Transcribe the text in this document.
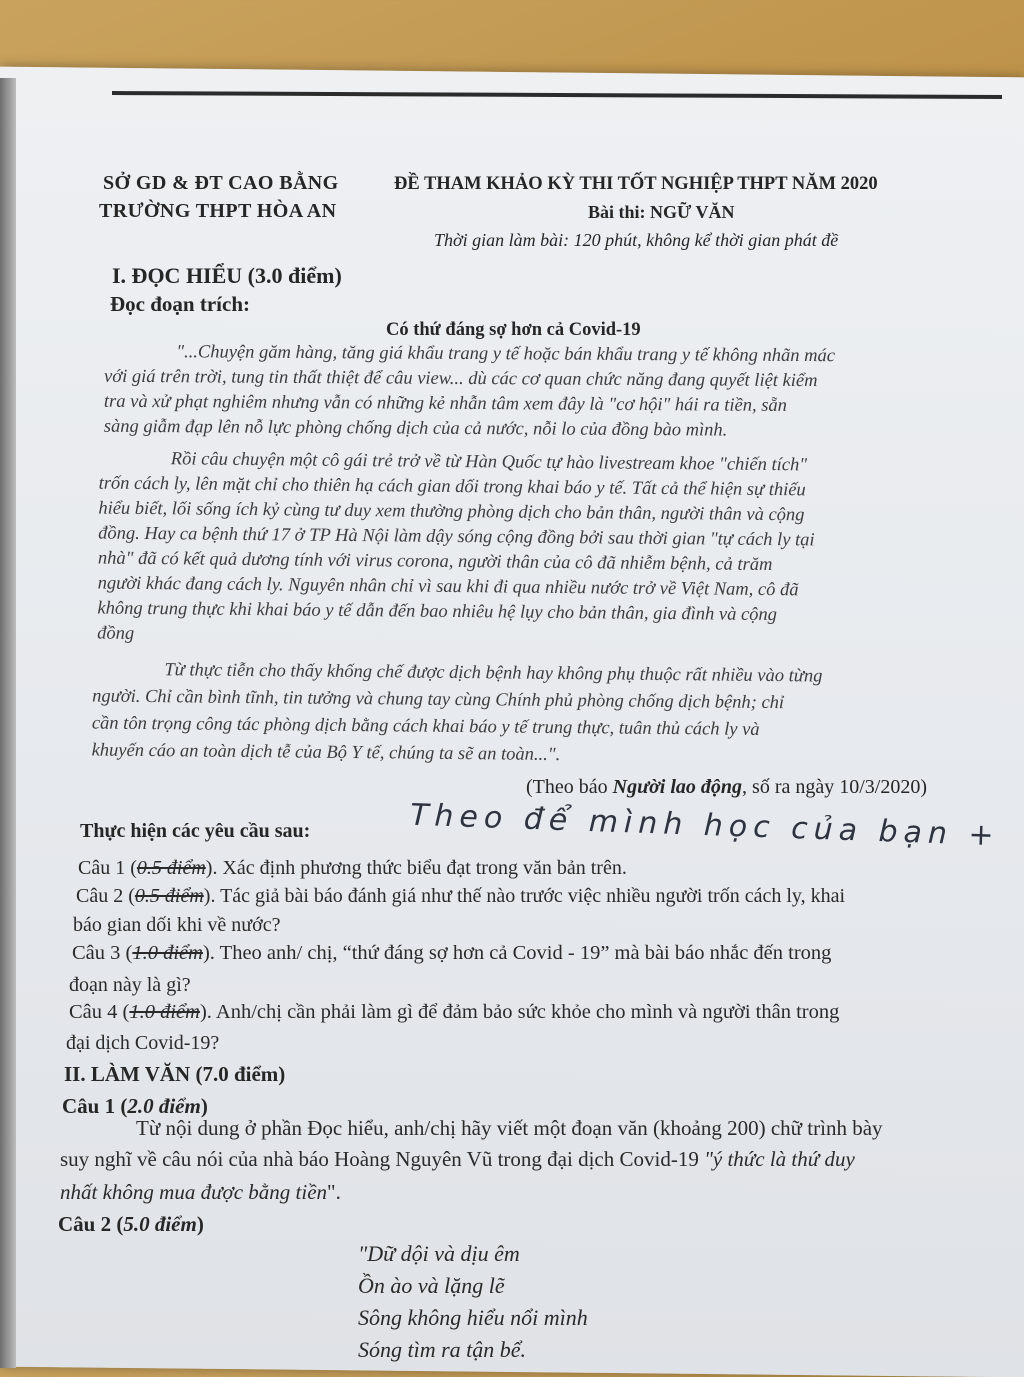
SỞ GD & ĐT CAO BẰNG
TRƯỜNG THPT HÒA AN
ĐỀ THAM KHẢO KỲ THI TỐT NGHIỆP THPT NĂM 2020
Bài thi: NGỮ VĂN
Thời gian làm bài: 120 phút, không kể thời gian phát đề
I. ĐỌC HIỂU (3.0 điểm)
Đọc đoạn trích:
Có thứ đáng sợ hơn cả Covid-19
"...Chuyện găm hàng, tăng giá khẩu trang y tế hoặc bán khẩu trang y tế không nhãn mác
với giá trên trời, tung tin thất thiệt để câu view... dù các cơ quan chức năng đang quyết liệt kiểm
tra và xử phạt nghiêm nhưng vẫn có những kẻ nhẫn tâm xem đây là "cơ hội" hái ra tiền, sẵn
sàng giẫm đạp lên nỗ lực phòng chống dịch của cả nước, nỗi lo của đồng bào mình.
Rồi câu chuyện một cô gái trẻ trở về từ Hàn Quốc tự hào livestream khoe "chiến tích"
trốn cách ly, lên mặt chỉ cho thiên hạ cách gian dối trong khai báo y tế. Tất cả thể hiện sự thiếu
hiểu biết, lối sống ích kỷ cùng tư duy xem thường phòng dịch cho bản thân, người thân và cộng
đồng. Hay ca bệnh thứ 17 ở TP Hà Nội làm dậy sóng cộng đồng bởi sau thời gian "tự cách ly tại
nhà" đã có kết quả dương tính với virus corona, người thân của cô đã nhiễm bệnh, cả trăm
người khác đang cách ly. Nguyên nhân chỉ vì sau khi đi qua nhiều nước trở về Việt Nam, cô đã
không trung thực khi khai báo y tế dẫn đến bao nhiêu hệ lụy cho bản thân, gia đình và cộng
đồng
Từ thực tiễn cho thấy khống chế được dịch bệnh hay không phụ thuộc rất nhiều vào từng
người. Chỉ cần bình tĩnh, tin tưởng và chung tay cùng Chính phủ phòng chống dịch bệnh; chỉ
cần tôn trọng công tác phòng dịch bằng cách khai báo y tế trung thực, tuân thủ cách ly và
khuyến cáo an toàn dịch tễ của Bộ Y tế, chúng ta sẽ an toàn...".
(Theo báo Người lao động, số ra ngày 10/3/2020)
Thực hiện các yêu cầu sau:	Theo để mình học của bạn +
Câu 1 (0.5 điểm). Xác định phương thức biểu đạt trong văn bản trên.
Câu 2 (0.5 điểm). Tác giả bài báo đánh giá như thế nào trước việc nhiều người trốn cách ly, khai
báo gian dối khi về nước?
Câu 3 (1.0 điểm). Theo anh/ chị, “thứ đáng sợ hơn cả Covid - 19” mà bài báo nhắc đến trong
đoạn này là gì?
Câu 4 (1.0 điểm). Anh/chị cần phải làm gì để đảm bảo sức khỏe cho mình và người thân trong
đại dịch Covid-19?
II. LÀM VĂN (7.0 điểm)
Câu 1 (2.0 điểm)
Từ nội dung ở phần Đọc hiểu, anh/chị hãy viết một đoạn văn (khoảng 200) chữ trình bày
suy nghĩ về câu nói của nhà báo Hoàng Nguyên Vũ trong đại dịch Covid-19 "ý thức là thứ duy
nhất không mua được bằng tiền".
Câu 2 (5.0 điểm)
"Dữ dội và dịu êm
Ồn ào và lặng lẽ
Sông không hiểu nổi mình
Sóng tìm ra tận bể.
